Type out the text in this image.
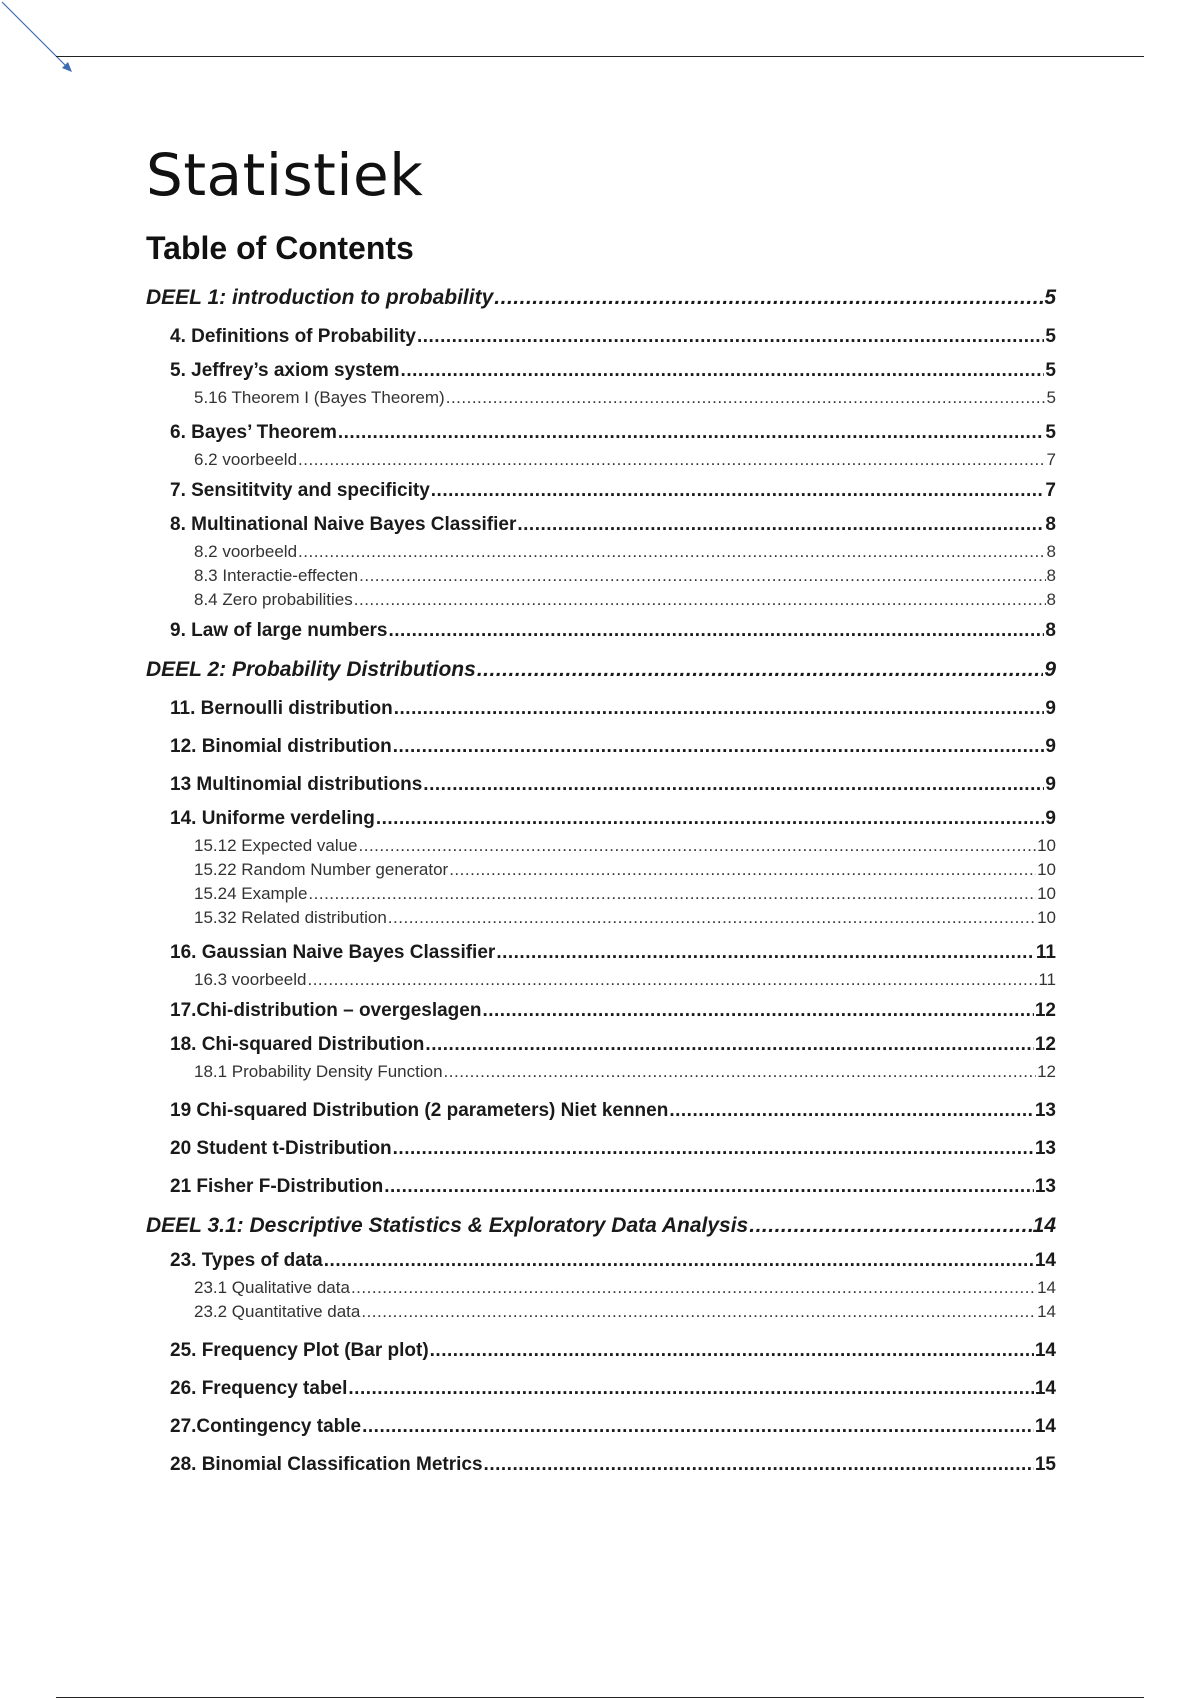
Statistiek
Table of Contents
DEEL 1: introduction to probability .....	5
4. Definitions of Probability .....	5
5. Jeffrey’s axiom system .....	5
5.16 Theorem I (Bayes Theorem) .....	5
6. Bayes’ Theorem .....	5
6.2 voorbeeld .....	7
7. Sensititvity and specificity .....	7
8. Multinational Naive Bayes Classifier .....	8
8.2 voorbeeld .....	8
8.3 Interactie-effecten .....	8
8.4 Zero probabilities .....	8
9. Law of large numbers .....	8
DEEL 2: Probability Distributions .....	9
11. Bernoulli distribution .....	9
12. Binomial distribution .....	9
13 Multinomial distributions .....	9
14. Uniforme verdeling .....	9
15.12 Expected value .....	10
15.22 Random Number generator .....	10
15.24 Example .....	10
15.32 Related distribution .....	10
16. Gaussian Naive Bayes Classifier .....	11
16.3 voorbeeld .....	11
17.Chi-distribution – overgeslagen .....	12
18. Chi-squared Distribution .....	12
18.1 Probability Density Function .....	12
19 Chi-squared Distribution (2 parameters) Niet kennen .....	13
20 Student t-Distribution .....	13
21 Fisher F-Distribution .....	13
DEEL 3.1: Descriptive Statistics & Exploratory Data Analysis .....	14
23. Types of data .....	14
23.1 Qualitative data .....	14
23.2 Quantitative data .....	14
25. Frequency Plot (Bar plot) .....	14
26. Frequency tabel .....	14
27.Contingency table .....	14
28. Binomial Classification Metrics .....	15
